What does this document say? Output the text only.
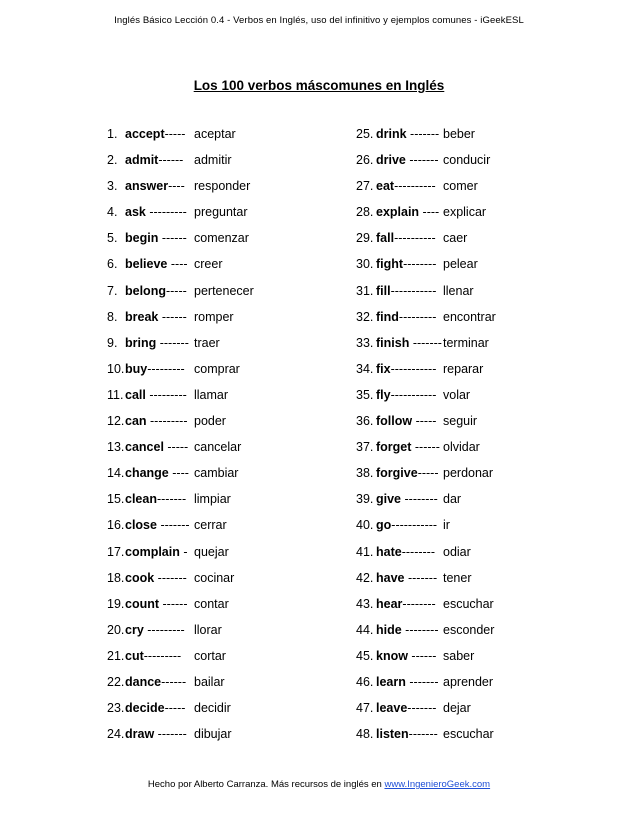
Inglés Básico Lección 0.4 - Verbos en Inglés, uso del infinitivo y ejemplos comunes - iGeekESL
Los 100 verbos máscomunes en Inglés
1. accept----- aceptar
2. admit------ admitir
3. answer---- responder
4. ask --------- preguntar
5. begin ------ comenzar
6. believe ---- creer
7. belong----- pertenecer
8. break ------ romper
9. bring ------- traer
10. buy--------- comprar
11. call --------- llamar
12. can --------- poder
13. cancel ----- cancelar
14. change ---- cambiar
15. clean------- limpiar
16. close ------- cerrar
17. complain - quejar
18. cook ------- cocinar
19. count ------ contar
20. cry --------- llorar
21. cut--------- cortar
22. dance------ bailar
23. decide----- decidir
24. draw ------- dibujar
25. drink ------- beber
26. drive ------- conducir
27. eat---------- comer
28. explain ---- explicar
29. fall---------- caer
30. fight-------- pelear
31. fill----------- llenar
32. find--------- encontrar
33. finish ------- terminar
34. fix----------- reparar
35. fly----------- volar
36. follow ----- seguir
37. forget ------ olvidar
38. forgive----- perdonar
39. give -------- dar
40. go----------- ir
41. hate-------- odiar
42. have ------- tener
43. hear-------- escuchar
44. hide -------- esconder
45. know ------ saber
46. learn ------- aprender
47. leave------- dejar
48. listen------- escuchar
Hecho por Alberto Carranza. Más recursos de inglés en www.IngenieroGeek.com
